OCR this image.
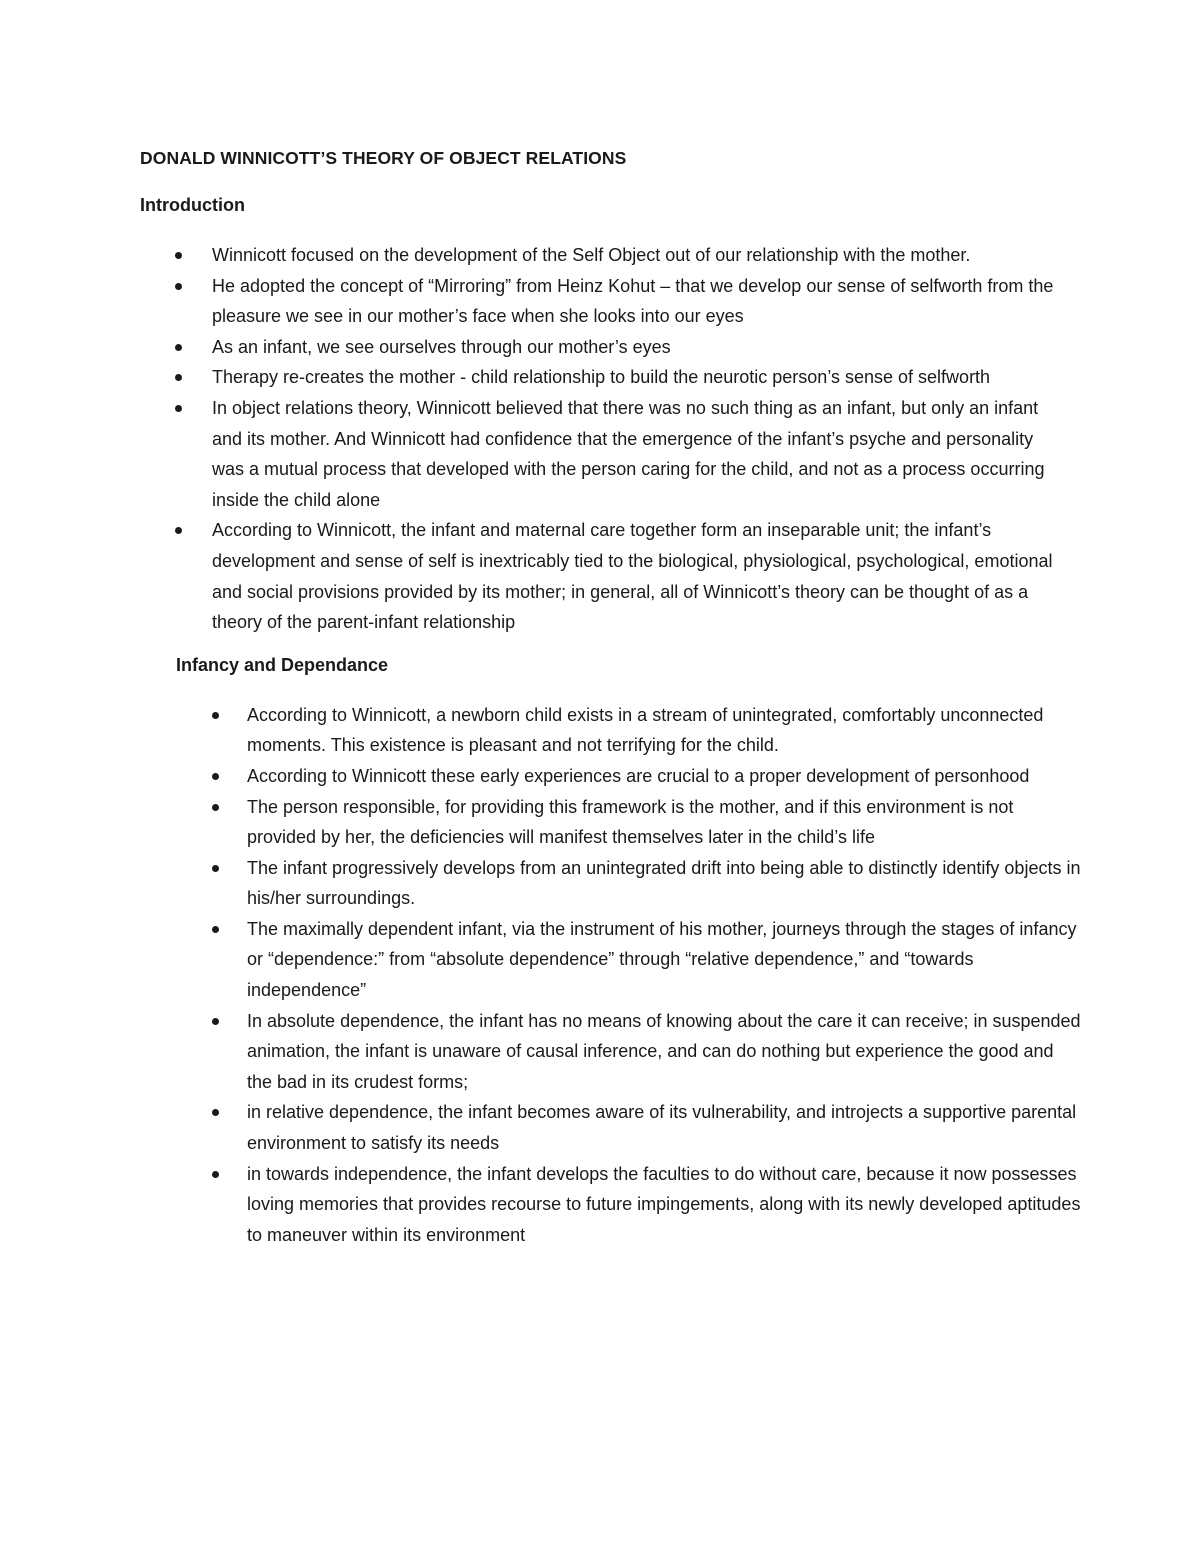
DONALD WINNICOTT’S THEORY OF OBJECT RELATIONS
Introduction
Winnicott focused on the development of the Self Object out of our relationship with the mother.
He adopted the concept of “Mirroring” from Heinz Kohut – that we develop our sense of selfworth from the pleasure we see in our mother’s face when she looks into our eyes
As an infant, we see ourselves through our mother’s eyes
Therapy re-creates the mother - child relationship to build the neurotic person’s sense of selfworth
In object relations theory, Winnicott believed that there was no such thing as an infant, but only an infant and its mother. And Winnicott had confidence that the emergence of the infant’s psyche and personality was a mutual process that developed with the person caring for the child, and not as a process occurring inside the child alone
According to Winnicott, the infant and maternal care together form an inseparable unit; the infant’s development and sense of self is inextricably tied to the biological, physiological, psychological, emotional and social provisions provided by its mother; in general, all of Winnicott’s theory can be thought of as a theory of the parent-infant relationship
Infancy and Dependance
According to Winnicott, a newborn child exists in a stream of unintegrated, comfortably unconnected moments. This existence is pleasant and not terrifying for the child.
According to Winnicott these early experiences are crucial to a proper development of personhood
The person responsible, for providing this framework is the mother, and if this environment is not provided by her, the deficiencies will manifest themselves later in the child’s life
The infant progressively develops from an unintegrated drift into being able to distinctly identify objects in his/her surroundings.
The maximally dependent infant, via the instrument of his mother, journeys through the stages of infancy or “dependence:” from “absolute dependence” through “relative dependence,” and “towards independence”
In absolute dependence, the infant has no means of knowing about the care it can receive; in suspended animation, the infant is unaware of causal inference, and can do nothing but experience the good and the bad in its crudest forms;
in relative dependence, the infant becomes aware of its vulnerability, and introjects a supportive parental environment to satisfy its needs
in towards independence, the infant develops the faculties to do without care, because it now possesses loving memories that provides recourse to future impingements, along with its newly developed aptitudes to maneuver within its environment
